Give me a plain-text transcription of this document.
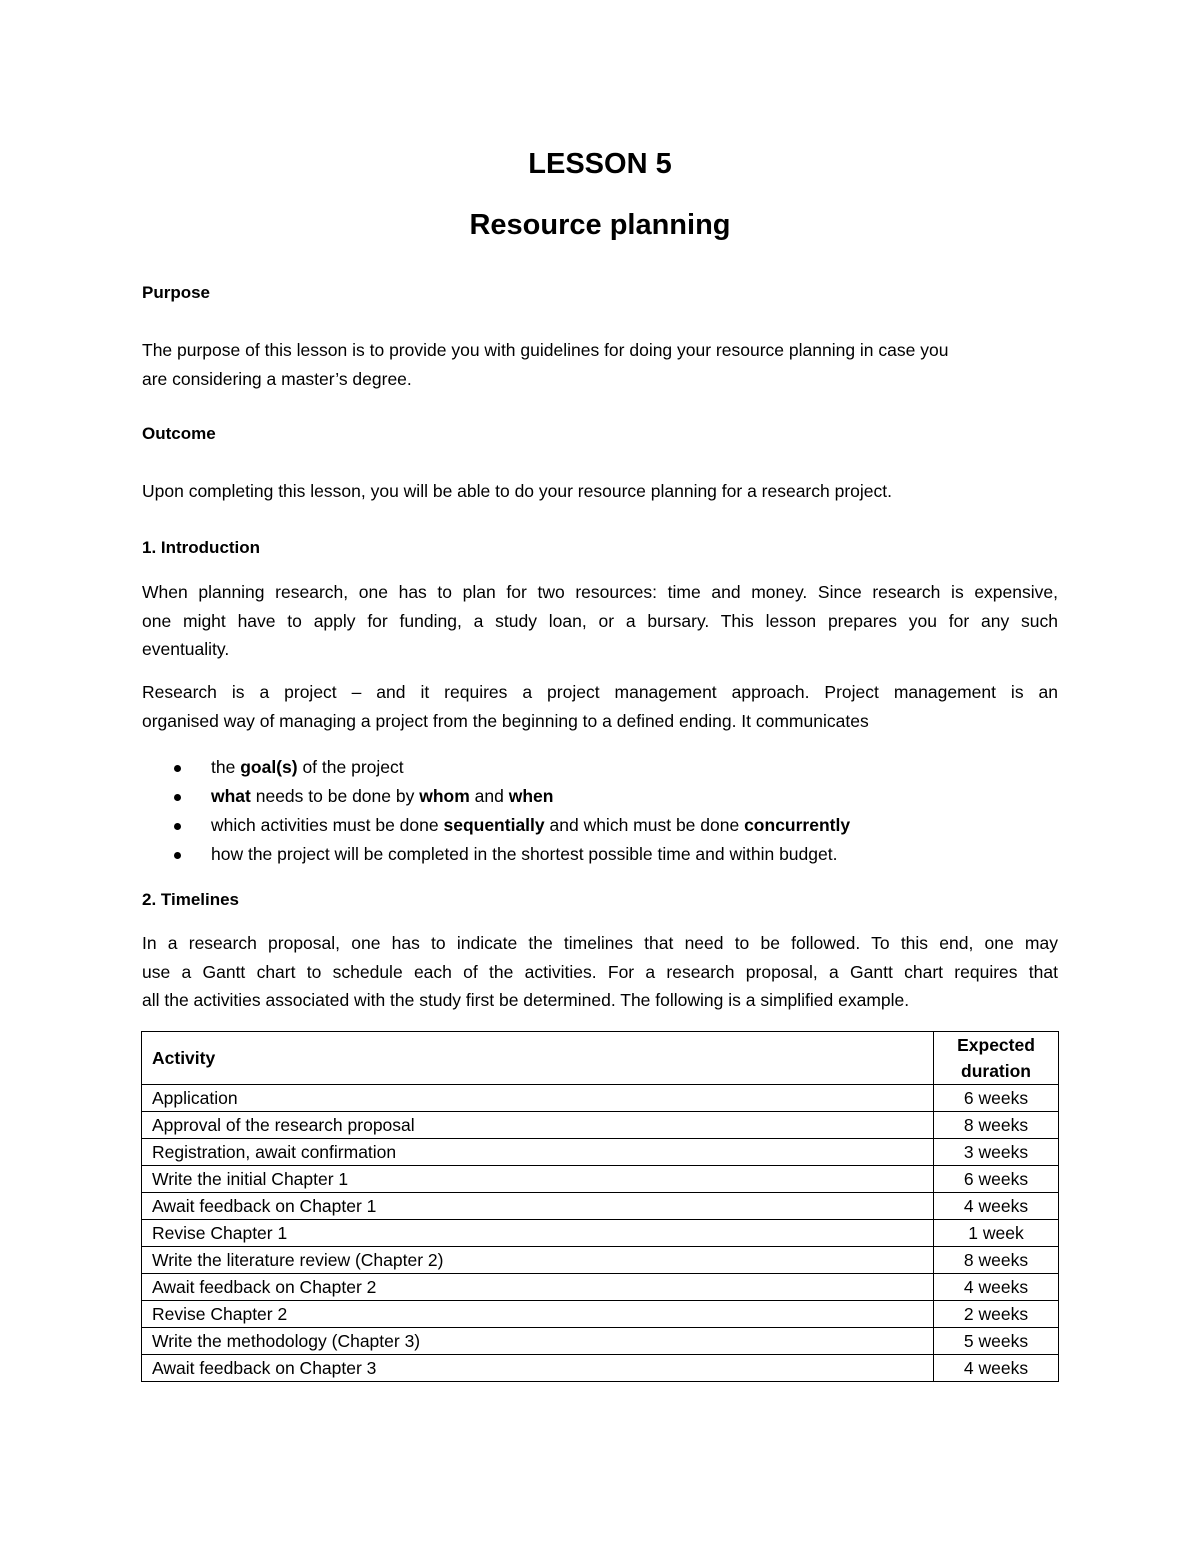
LESSON 5
Resource planning
Purpose
The purpose of this lesson is to provide you with guidelines for doing your resource planning in case you
are considering a master’s degree.
Outcome
Upon completing this lesson, you will be able to do your resource planning for a research project.
1. Introduction
When planning research, one has to plan for two resources: time and money. Since research is expensive,
one might have to apply for funding, a study loan, or a bursary. This lesson prepares you for any such
eventuality.
Research is a project – and it requires a project management approach. Project management is an
organised way of managing a project from the beginning to a defined ending. It communicates
the goal(s) of the project
what needs to be done by whom and when
which activities must be done sequentially and which must be done concurrently
how the project will be completed in the shortest possible time and within budget.
2. Timelines
In a research proposal, one has to indicate the timelines that need to be followed. To this end, one may
use a Gantt chart to schedule each of the activities. For a research proposal, a Gantt chart requires that
all the activities associated with the study first be determined. The following is a simplified example.
Activity	Expected duration
Application	6 weeks
Approval of the research proposal	8 weeks
Registration, await confirmation	3 weeks
Write the initial Chapter 1	6 weeks
Await feedback on Chapter 1	4 weeks
Revise Chapter 1	1 week
Write the literature review (Chapter 2)	8 weeks
Await feedback on Chapter 2	4 weeks
Revise Chapter 2	2 weeks
Write the methodology (Chapter 3)	5 weeks
Await feedback on Chapter 3	4 weeks
